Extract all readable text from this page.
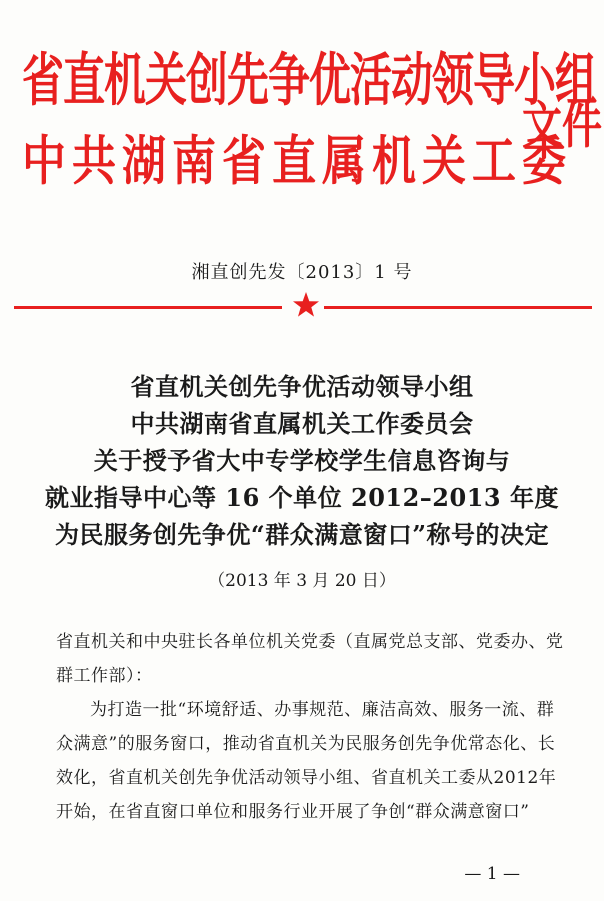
省直机关创先争优活动领导小组
中共湖南省直属机关工委
文件
湘直创先发〔2013〕1 号
省直机关创先争优活动领导小组
中共湖南省直属机关工作委员会
关于授予省大中专学校学生信息咨询与
就业指导中心等 16 个单位 2012–2013 年度
为民服务创先争优“群众满意窗口”称号的决定
（2013 年 3 月 20 日）

省直机关和中央驻长各单位机关党委（直属党总支部、党委办、党群工作部）：

为打造一批“环境舒适、办事规范、廉洁高效、服务一流、群众满意”的服务窗口，推动省直机关为民服务创先争优常态化、长效化，省直机关创先争优活动领导小组、省直机关工委从2012年开始，在省直窗口单位和服务行业开展了争创“群众满意窗口”

— 1 —
